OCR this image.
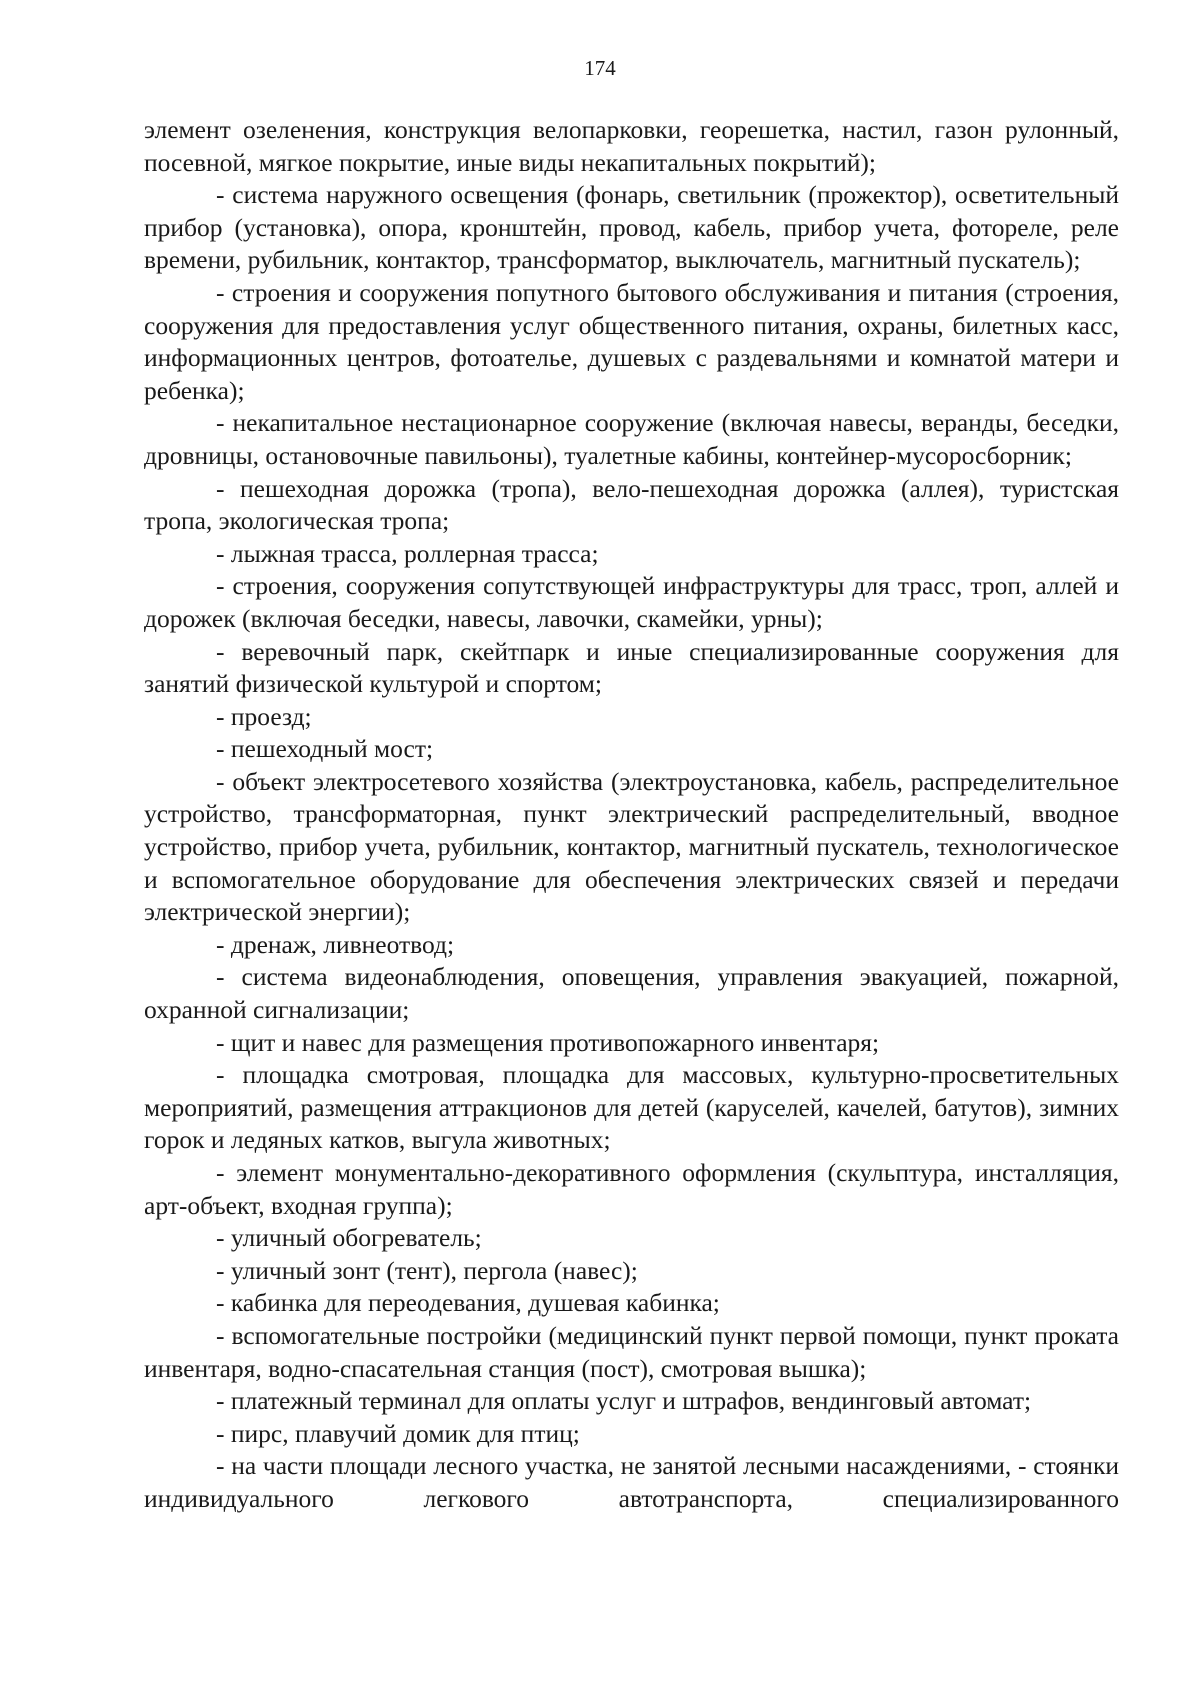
174

элемент озеленения, конструкция велопарковки, георешетка, настил, газон рулонный, посевной, мягкое покрытие, иные виды некапитальных покрытий);

- система наружного освещения (фонарь, светильник (прожектор), осветительный прибор (установка), опора, кронштейн, провод, кабель, прибор учета, фотореле, реле времени, рубильник, контактор, трансформатор, выключатель, магнитный пускатель);

- строения и сооружения попутного бытового обслуживания и питания (строения, сооружения для предоставления услуг общественного питания, охраны, билетных касс, информационных центров, фотоателье, душевых с раздевальнями и комнатой матери и ребенка);

- некапитальное нестационарное сооружение (включая навесы, веранды, беседки, дровницы, остановочные павильоны), туалетные кабины, контейнер-мусоросборник;

- пешеходная дорожка (тропа), вело-пешеходная дорожка (аллея), туристская тропа, экологическая тропа;

- лыжная трасса, роллерная трасса;

- строения, сооружения сопутствующей инфраструктуры для трасс, троп, аллей и дорожек (включая беседки, навесы, лавочки, скамейки, урны);

- веревочный парк, скейтпарк и иные специализированные сооружения для занятий физической культурой и спортом;

- проезд;

- пешеходный мост;

- объект электросетевого хозяйства (электроустановка, кабель, распределительное устройство, трансформаторная, пункт электрический распределительный, вводное устройство, прибор учета, рубильник, контактор, магнитный пускатель, технологическое и вспомогательное оборудование для обеспечения электрических связей и передачи электрической энергии);

- дренаж, ливнеотвод;

- система видеонаблюдения, оповещения, управления эвакуацией, пожарной, охранной сигнализации;

- щит и навес для размещения противопожарного инвентаря;

- площадка смотровая, площадка для массовых, культурно-просветительных мероприятий, размещения аттракционов для детей (каруселей, качелей, батутов), зимних горок и ледяных катков, выгула животных;

- элемент монументально-декоративного оформления (скульптура, инсталляция, арт-объект, входная группа);

- уличный обогреватель;

- уличный зонт (тент), пергола (навес);

- кабинка для переодевания, душевая кабинка;

- вспомогательные постройки (медицинский пункт первой помощи, пункт проката инвентаря, водно-спасательная станция (пост), смотровая вышка);

- платежный терминал для оплаты услуг и штрафов, вендинговый автомат;

- пирс, плавучий домик для птиц;

- на части площади лесного участка, не занятой лесными насаждениями, - стоянки индивидуального легкового автотранспорта, специализированного
